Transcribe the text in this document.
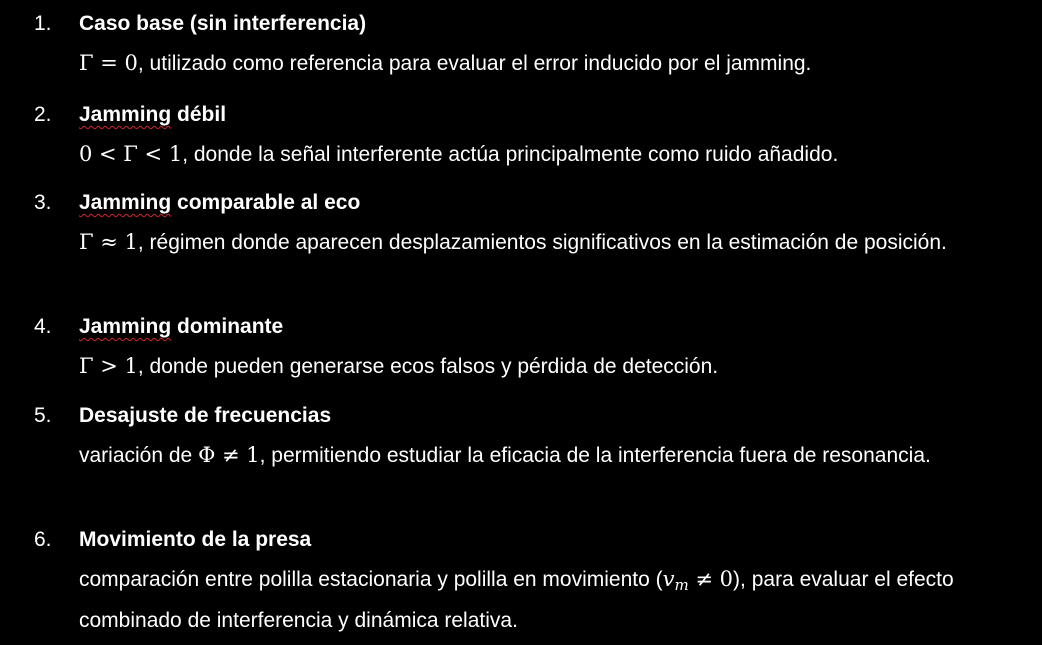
1. Caso base (sin interferencia)
Γ = 0, utilizado como referencia para evaluar el error inducido por el jamming.
2. Jamming débil
0 < Γ < 1, donde la señal interferente actúa principalmente como ruido añadido.
3. Jamming comparable al eco
Γ ≈ 1, régimen donde aparecen desplazamientos significativos en la estimación de posición.
4. Jamming dominante
Γ > 1, donde pueden generarse ecos falsos y pérdida de detección.
5. Desajuste de frecuencias
variación de Φ ≠ 1, permitiendo estudiar la eficacia de la interferencia fuera de resonancia.
6. Movimiento de la presa
comparación entre polilla estacionaria y polilla en movimiento $(v_m \ne 0)$, para evaluar el efecto combinado de interferencia y dinámica relativa.
